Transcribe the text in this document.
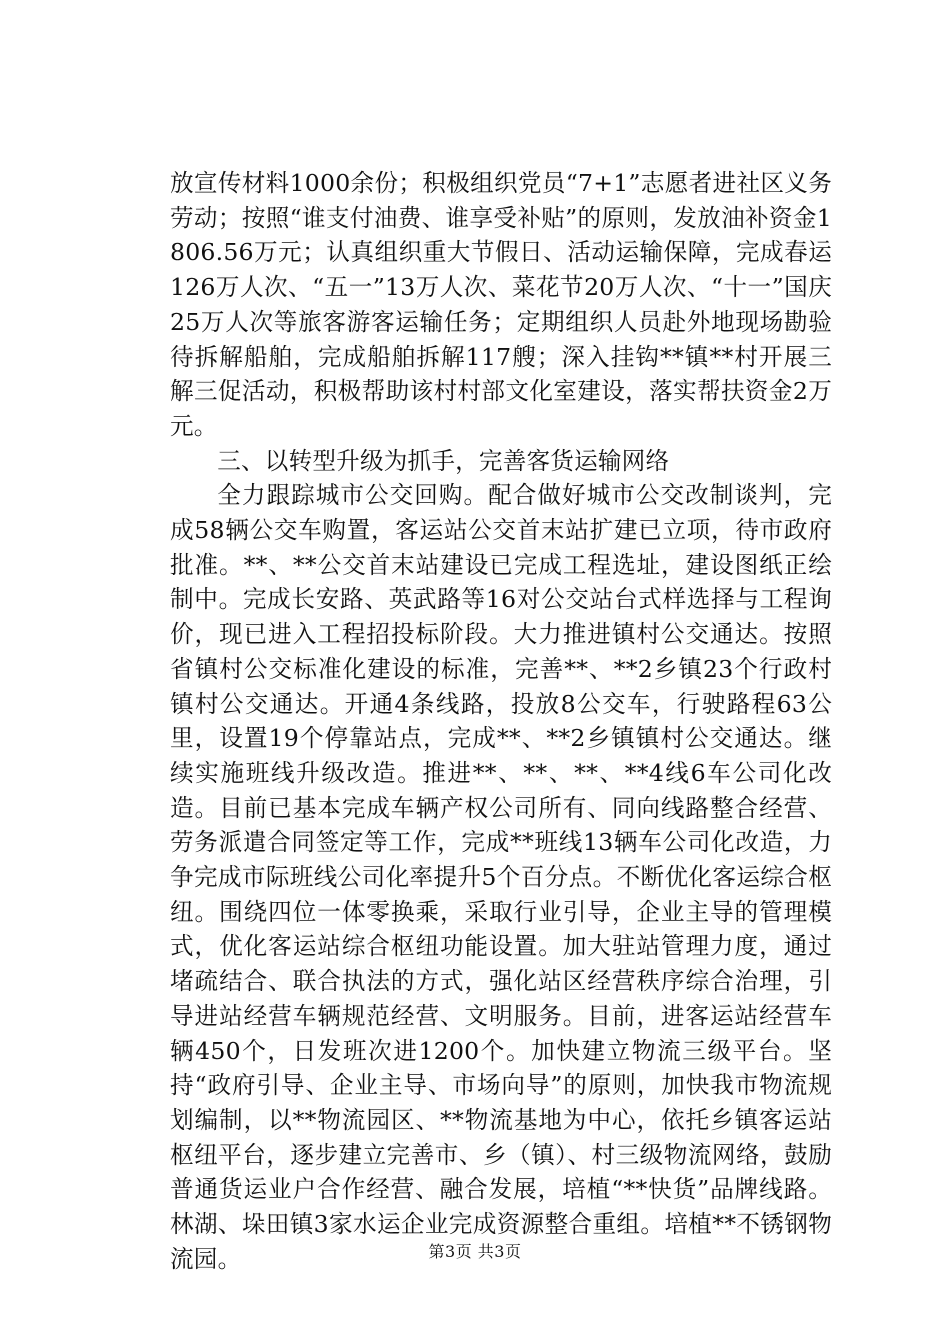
放宣传材料1000余份；积极组织党员“7+1”志愿者进社区义务劳动；按照“谁支付油费、谁享受补贴”的原则，发放油补资金1806.56万元；认真组织重大节假日、活动运输保障，完成春运126万人次、“五一”13万人次、菜花节20万人次、“十一”国庆25万人次等旅客游客运输任务；定期组织人员赴外地现场勘验待拆解船舶，完成船舶拆解117艘；深入挂钩**镇**村开展三解三促活动，积极帮助该村村部文化室建设，落实帮扶资金2万元。

三、以转型升级为抓手，完善客货运输网络

全力跟踪城市公交回购。配合做好城市公交改制谈判，完成58辆公交车购置，客运站公交首末站扩建已立项，待市政府批准。**、**公交首末站建设已完成工程选址，建设图纸正绘制中。完成长安路、英武路等16对公交站台式样选择与工程询价，现已进入工程招投标阶段。大力推进镇村公交通达。按照省镇村公交标准化建设的标准，完善**、**2乡镇23个行政村镇村公交通达。开通4条线路，投放8公交车，行驶路程63公里，设置19个停靠站点，完成**、**2乡镇镇村公交通达。继续实施班线升级改造。推进**、**、**、**4线6车公司化改造。目前已基本完成车辆产权公司所有、同向线路整合经营、劳务派遣合同签定等工作，完成**班线13辆车公司化改造，力争完成市际班线公司化率提升5个百分点。不断优化客运综合枢纽。围绕四位一体零换乘，采取行业引导，企业主导的管理模式，优化客运站综合枢纽功能设置。加大驻站管理力度，通过堵疏结合、联合执法的方式，强化站区经营秩序综合治理，引导进站经营车辆规范经营、文明服务。目前，进客运站经营车辆450个，日发班次进1200个。加快建立物流三级平台。坚持“政府引导、企业主导、市场向导”的原则，加快我市物流规划编制，以**物流园区、**物流基地为中心，依托乡镇客运站枢纽平台，逐步建立完善市、乡（镇）、村三级物流网络，鼓励普通货运业户合作经营、融合发展，培植“**快货”品牌线路。林湖、垛田镇3家水运企业完成资源整合重组。培植**不锈钢物流园。	第3页 共3页
